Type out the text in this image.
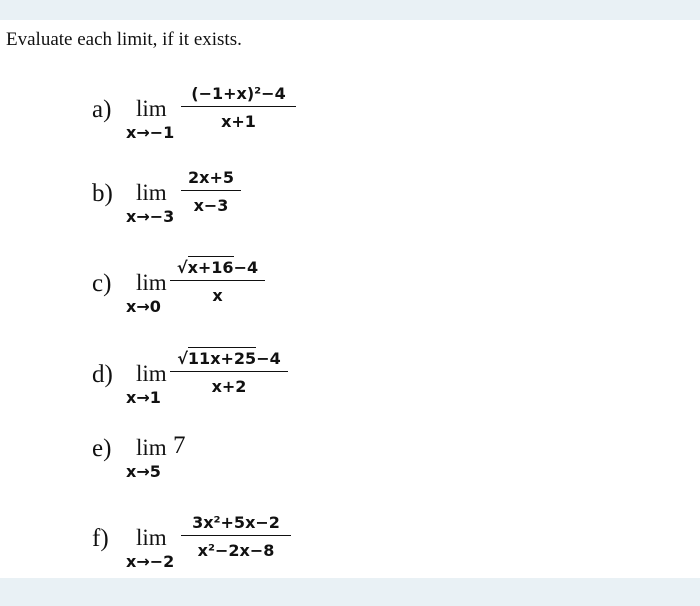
Evaluate each limit, if it exists.
a) lim
x→−1
(−1+x)²−4
x+1
b) lim
x→−3
2x+5
x−3
c) lim
x→0
√x+16−4
x
d) lim
x→1
√11x+25−4
x+2
e) lim
x→5
7
f) lim
x→−2
3x²+5x−2
x²−2x−8
